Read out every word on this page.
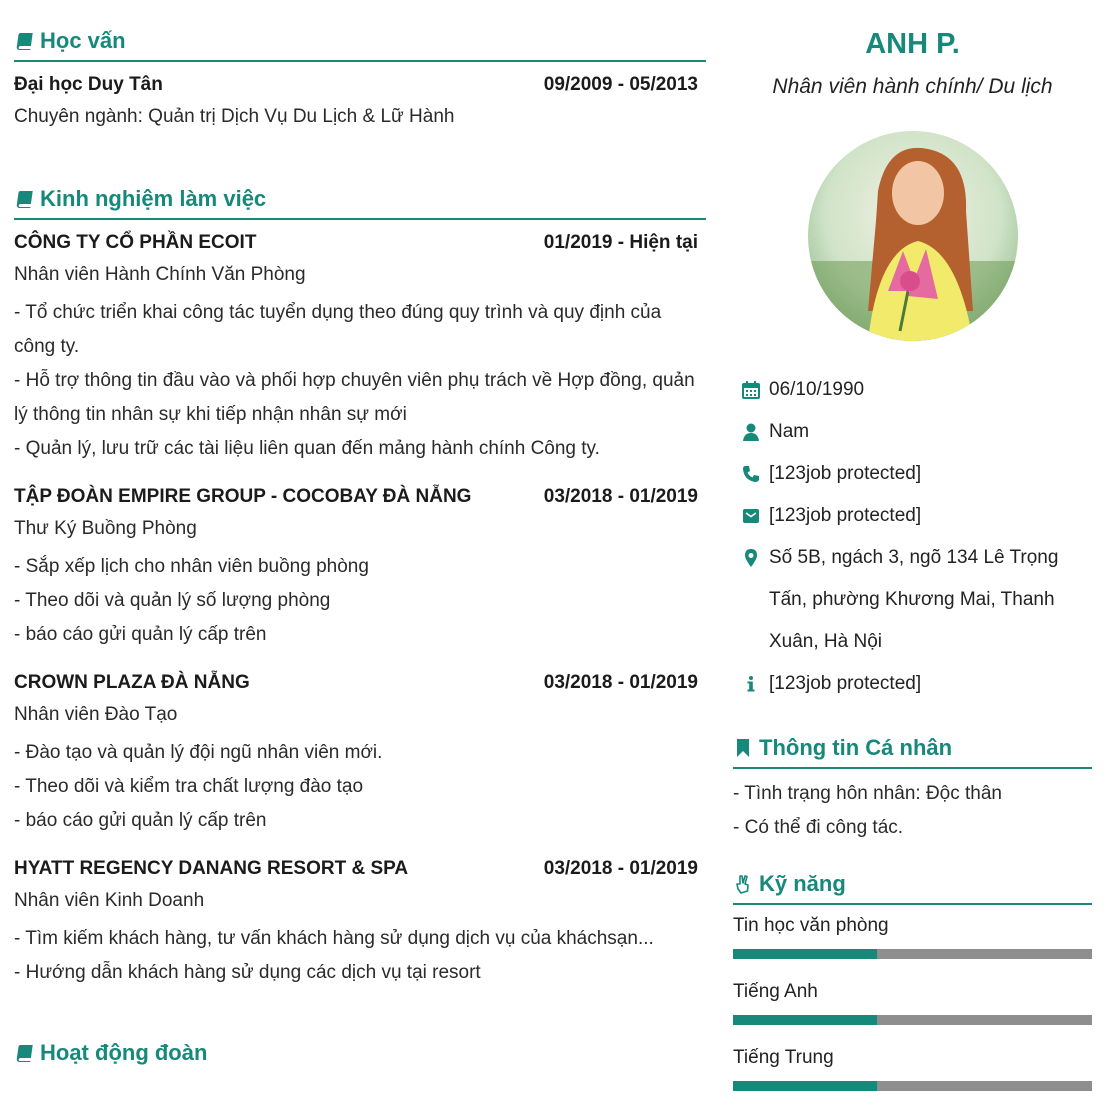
Học vấn
Đại học Duy Tân	09/2009 - 05/2013
Chuyên ngành: Quản trị Dịch Vụ Du Lịch & Lữ Hành
Kinh nghiệm làm việc
CÔNG TY CỔ PHẦN ECOIT	01/2019 - Hiện tại
Nhân viên Hành Chính Văn Phòng
- Tổ chức triển khai công tác tuyển dụng theo đúng quy trình và quy định của công ty.
- Hỗ trợ thông tin đầu vào và phối hợp chuyên viên phụ trách về Hợp đồng, quản lý thông tin nhân sự khi tiếp nhận nhân sự mới
- Quản lý, lưu trữ các tài liệu liên quan đến mảng hành chính Công ty.
TẬP ĐOÀN EMPIRE GROUP - COCOBAY ĐÀ NẴNG	03/2018 - 01/2019
Thư Ký Buồng Phòng
- Sắp xếp lịch cho nhân viên buồng phòng
- Theo dõi và quản lý số lượng phòng
- báo cáo gửi quản lý cấp trên
CROWN PLAZA ĐÀ NẴNG	03/2018 - 01/2019
Nhân viên Đào Tạo
- Đào tạo và quản lý đội ngũ nhân viên mới.
- Theo dõi và kiểm tra chất lượng đào tạo
- báo cáo gửi quản lý cấp trên
HYATT REGENCY DANANG RESORT & SPA	03/2018 - 01/2019
Nhân viên Kinh Doanh
- Tìm kiếm khách hàng, tư vấn khách hàng sử dụng dịch vụ của kháchsạn...
- Hướng dẫn khách hàng sử dụng các dịch vụ tại resort
Hoạt động đoàn
ANH P.
Nhân viên hành chính/ Du lịch
06/10/1990
Nam
[123job protected]
[123job protected]
Số 5B, ngách 3, ngõ 134 Lê Trọng Tấn, phường Khương Mai, Thanh Xuân, Hà Nội
[123job protected]
Thông tin Cá nhân
- Tình trạng hôn nhân: Độc thân
- Có thể đi công tác.
Kỹ năng
Tin học văn phòng
Tiếng Anh
Tiếng Trung
